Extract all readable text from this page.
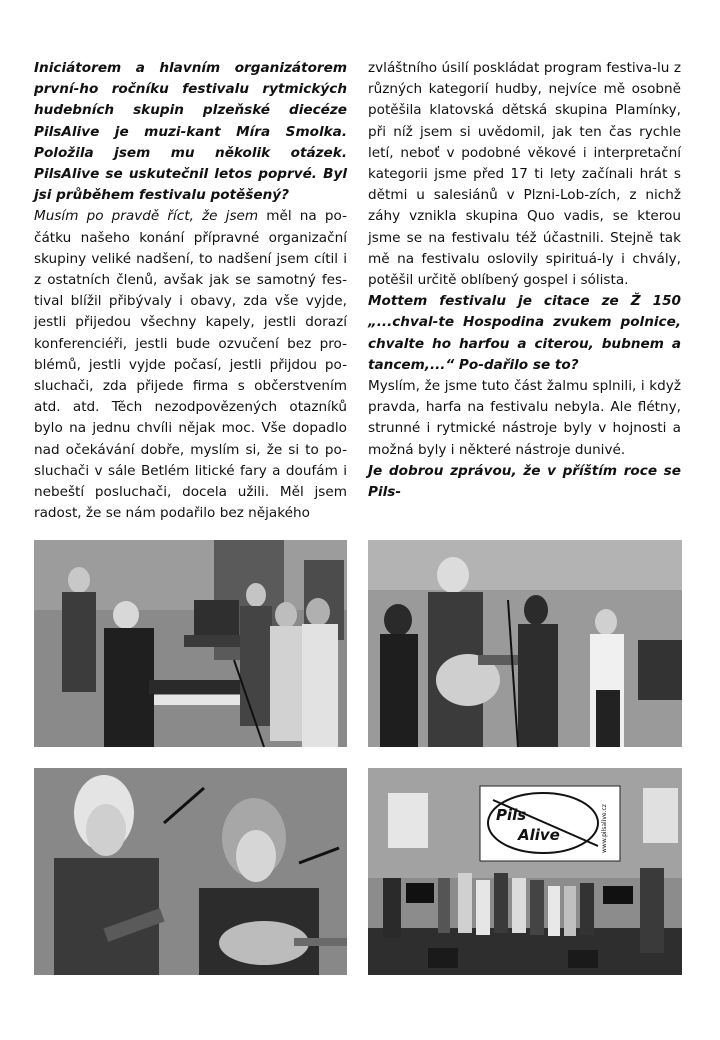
Iniciátorem a hlavním organizátorem první-ho ročníku festivalu rytmických hudebních skupin plzeňské diecéze PilsAlive je muzi-kant Míra Smolka. Položila jsem mu několik otázek. PilsAlive se uskutečnil letos poprvé. Byl jsi průběhem festivalu potěšený?

Musím po pravdě říct, že jsem měl na po-čátku našeho konání přípravné organizační skupiny veliké nadšení, to nadšení jsem cítil i z ostatních členů, avšak jak se samotný fes-tival blížil přibývaly i obavy, zda vše vyjde, jestli přijedou všechny kapely, jestli dorazí konferenciéři, jestli bude ozvučení bez pro-blémů, jestli vyjde počasí, jestli přijdou po-sluchači, zda přijede firma s občerstvením atd. atd. Těch nezodpovězených otazníků bylo na jednu chvíli nějak moc. Vše dopadlo nad očekávání dobře, myslím si, že si to po-sluchači v sále Betlém litické fary a doufám i nebeští posluchači, docela užili. Měl jsem radost, že se nám podařilo bez nějakého

zvláštního úsilí poskládat program festiva-lu z různých kategorií hudby, nejvíce mě osobně potěšila klatovská dětská skupina Plamínky, při níž jsem si uvědomil, jak ten čas rychle letí, neboť v podobné věkové i interpretační kategorii jsme před 17 ti lety začínali hrát s dětmi u salesiánů v Plzni-Lob-zích, z nichž záhy vznikla skupina Quo vadis, se kterou jsme se na festivalu též účastnili. Stejně tak mě na festivalu oslovily spirituá-ly i chvály, potěšil určitě oblíbený gospel i sólista.

Mottem festivalu je citace ze Ž 150 „...chval-te Hospodina zvukem polnice, chvalte ho harfou a citerou, bubnem a tancem,...“ Po-dařilo se to?

Myslím, že jsme tuto část žalmu splnili, i když pravda, harfa na festivalu nebyla. Ale flétny, strunné i rytmické nástroje byly v hojnosti a možná byly i některé nástroje dunivé.

Je dobrou zprávou, že v příštím roce se Pils-

Pils
Alive	www.pilsalive.cz
